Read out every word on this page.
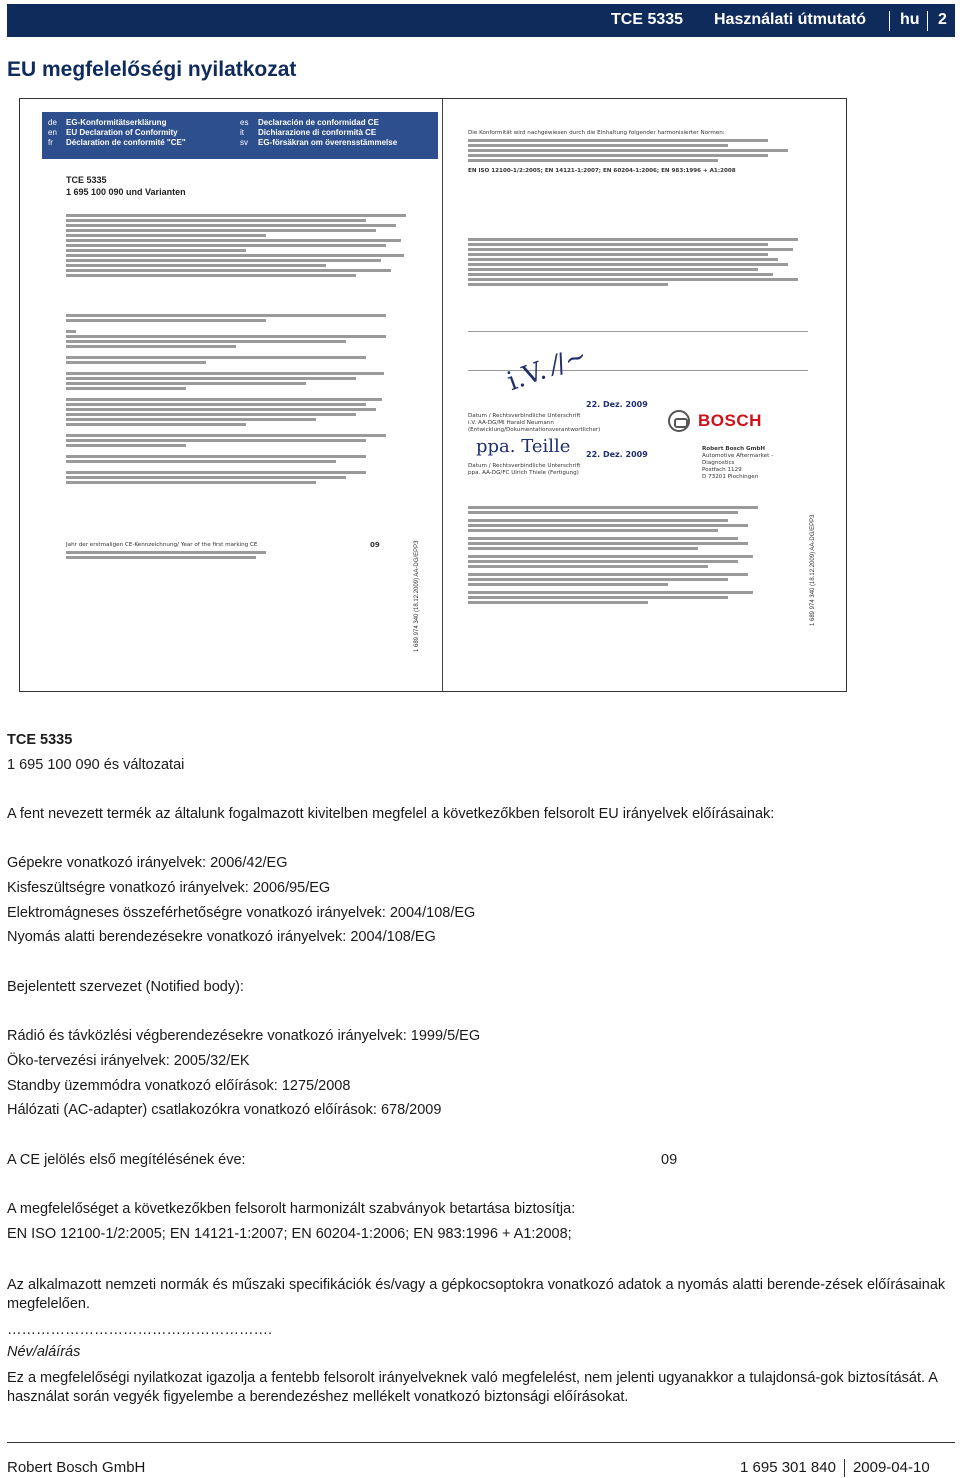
TCE 5335 Használati útmutató hu 2
EU megfelelőségi nyilatkozat
de EG-Konformitätserklärung
en EU Declaration of Conformity
fr Déclaration de conformité "CE"
es Declaración de conformidad CE
it Dichiarazione di conformità CE
sv EG-försäkran om överensstämmelse
TCE 5335
1 695 100 090 und Varianten
Jahr der erstmaligen CE-Kennzeichnung/ Year of the first marking CE	09	1 689 974 340 (18.12.2009) AA-DG/EPP3
Die Konformität wird nachgewiesen durch die Einhaltung folgender harmonisierter Normen:
EN ISO 12100-1/2:2005; EN 14121-1:2007; EN 60204-1:2006; EN 983:1996 + A1:2008
i.V. ⁄∕∼
22. Dez. 2009
Datum / Rechtsverbindliche Unterschrift
i.V. AA-DG/MI Harald Neumann
(Entwicklung/Dokumentationsverantwortlicher)
ppa. Teille 22. Dez. 2009
Datum / Rechtsverbindliche Unterschrift
ppa. AA-DG/FC Ulrich Thiele (Fertigung)
Robert Bosch GmbH
Automotive Aftermarket -
Diagnostics
Postfach 1129
D 73201 Plochingen
1 689 974 340 (18.12.2009) AA-DG/EPP3
BOSCH
TCE 5335
1 695 100 090 és változatai
A fent nevezett termék az általunk fogalmazott kivitelben megfelel a következőkben felsorolt EU irányelvek előírásainak:
Gépekre vonatkozó irányelvek: 2006/42/EG
Kisfeszültségre vonatkozó irányelvek: 2006/95/EG
Elektromágneses összeférhetőségre vonatkozó irányelvek: 2004/108/EG
Nyomás alatti berendezésekre vonatkozó irányelvek: 2004/108/EG
Bejelentett szervezet (Notified body):
Rádió és távközlési végberendezésekre vonatkozó irányelvek: 1999/5/EG
Öko-tervezési irányelvek: 2005/32/EK
Standby üzemmódra vonatkozó előírások: 1275/2008
Hálózati (AC-adapter) csatlakozókra vonatkozó előírások: 678/2009
A CE jelölés első megítélésének éve:	09
A megfelelőséget a következőkben felsorolt harmonizált szabványok betartása biztosítja:
EN ISO 12100-1/2:2005; EN 14121-1:2007; EN 60204-1:2006; EN 983:1996 + A1:2008;
Az alkalmazott nemzeti normák és műszaki specifikációk és/vagy a gépkocsoptokra vonatkozó adatok a nyomás alatti berende-zések előírásainak megfelelően.
……………………………………………….
Név/aláírás
Ez a megfelelőségi nyilatkozat igazolja a fentebb felsorolt irányelveknek való megfelelést, nem jelenti ugyanakkor a tulajdonsá-gok biztosítását. A használat során vegyék figyelembe a berendezéshez mellékelt vonatkozó biztonsági előírásokat.
Robert Bosch GmbH	1 695 301 840 2009-04-10
